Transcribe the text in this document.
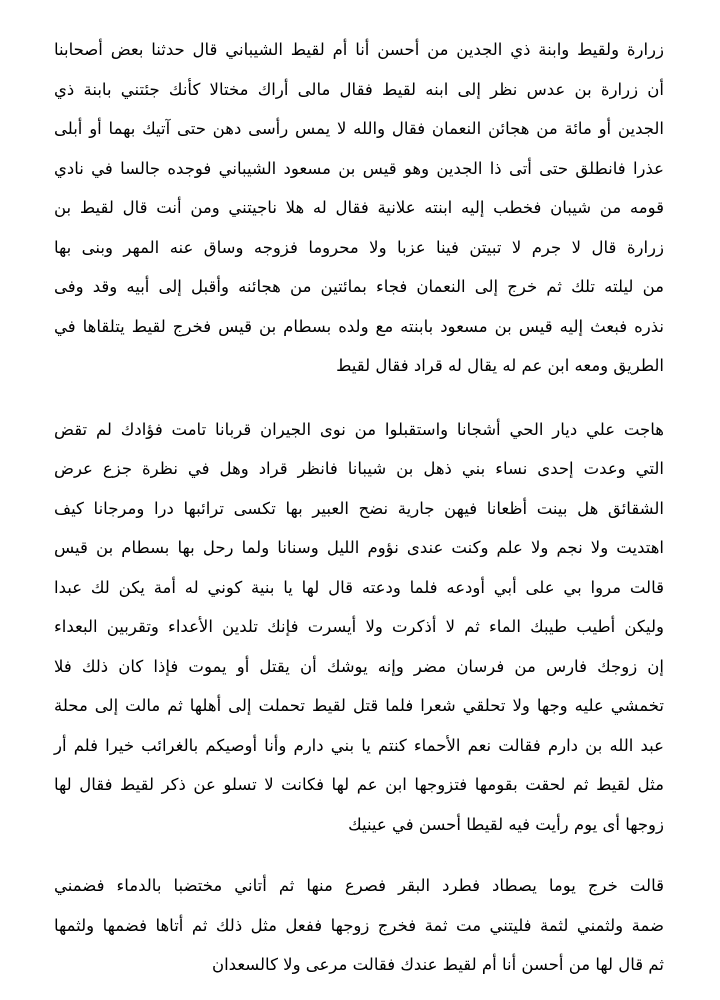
زرارة ولقيط وابنة ذي الجدين من أحسن أنا أم لقيط الشيباني قال حدثنا بعض أصحابنا
أن زرارة بن عدس نظر إلى ابنه لقيط فقال مالى أراك مختالا كأنك جئتني بابنة ذي
الجدين أو مائة من هجائن النعمان فقال والله لا يمس رأسى دهن حتى آتيك بهما أو أبلى
عذرا فانطلق حتى أتى ذا الجدين وهو قيس بن مسعود الشيباني فوجده جالسا في نادي
قومه من شيبان فخطب إليه ابنته علانية فقال له هلا ناجيتني ومن أنت قال لقيط بن
زرارة قال لا جرم لا تبيتن فينا عزبا ولا محروما فزوجه وساق عنه المهر وبنى بها
من ليلته تلك ثم خرج إلى النعمان فجاء بمائتين من هجائنه وأقبل إلى أبيه وقد وفى
نذره فبعث إليه قيس بن مسعود بابنته مع ولده بسطام بن قيس فخرج لقيط يتلقاها في
الطريق ومعه ابن عم له يقال له قراد فقال لقيط
هاجت علي ديار الحي أشجانا واستقبلوا من نوى الجيران قربانا تامت فؤادك لم تقض
التي وعدت إحدى نساء بني ذهل بن شيبانا فانظر قراد وهل في نظرة جزع عرض
الشقائق هل بينت أظعانا فيهن جارية نضح العبير بها تكسى ترائبها درا ومرجانا كيف
اهتديت ولا نجم ولا علم وكنت عندى نؤوم الليل وسنانا ولما رحل بها بسطام بن قيس
قالت مروا بي على أبي أودعه فلما ودعته قال لها يا بنية كوني له أمة يكن لك عبدا
وليكن أطيب طيبك الماء ثم لا أذكرت ولا أيسرت فإنك تلدين الأعداء وتقربين البعداء
إن زوجك فارس من فرسان مضر وإنه يوشك أن يقتل أو يموت فإذا كان ذلك فلا
تخمشي عليه وجها ولا تحلقي شعرا فلما قتل لقيط تحملت إلى أهلها ثم مالت إلى محلة
عبد الله بن دارم فقالت نعم الأحماء كنتم يا بني دارم وأنا أوصيكم بالغرائب خيرا فلم أر
مثل لقيط ثم لحقت بقومها فتزوجها ابن عم لها فكانت لا تسلو عن ذكر لقيط فقال لها
زوجها أى يوم رأيت فيه لقيطا أحسن في عينيك
قالت خرج يوما يصطاد فطرد البقر فصرع منها ثم أتاني مختضبا بالدماء فضمني
ضمة ولثمني لثمة فليتني مت ثمة فخرج زوجها ففعل مثل ذلك ثم أتاها فضمها ولثمها
ثم قال لها من أحسن أنا أم لقيط عندك فقالت مرعى ولا كالسعدان
